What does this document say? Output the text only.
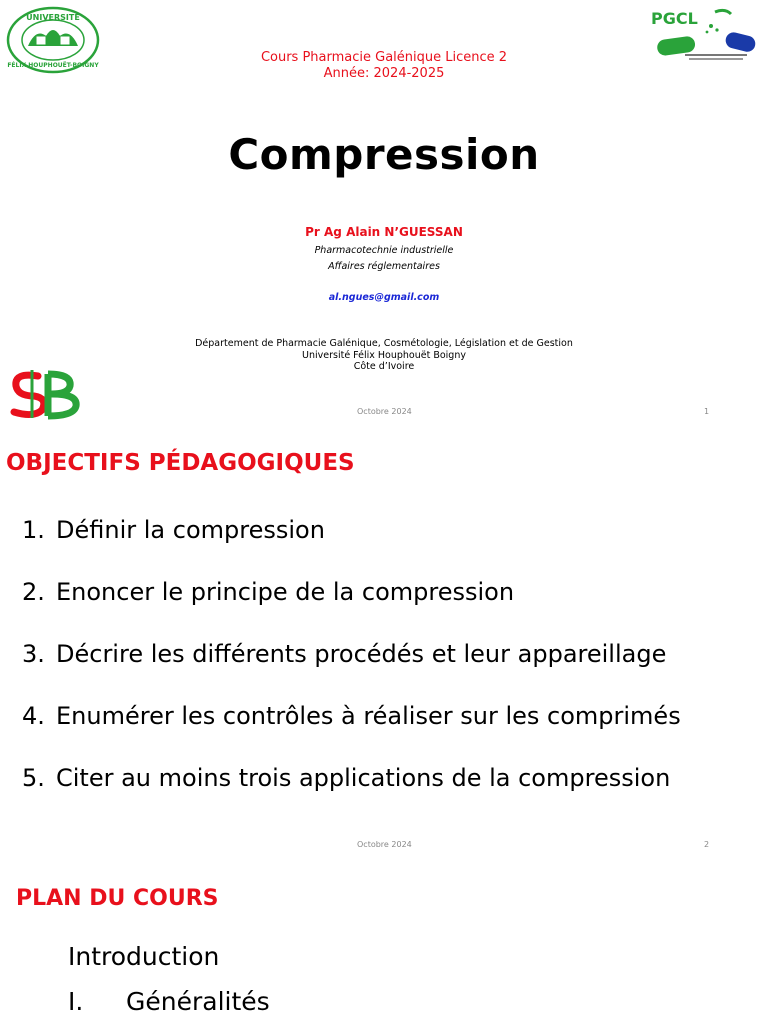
UNIVERSITÉ
FÉLIX HOUPHOUËT-BOIGNY
PGCL
Cours Pharmacie Galénique Licence 2
Année: 2024-2025
Compression
Pr Ag Alain N’GUESSAN
Pharmacotechnie industrielle
Affaires réglementaires
al.ngues@gmail.com
Département de Pharmacie Galénique, Cosmétologie, Législation et de Gestion
Université Félix Houphouët Boigny
Côte d’Ivoire
Octobre 2024	1
OBJECTIFS PÉDAGOGIQUES
1. Définir la compression
2. Enoncer le principe de la compression
3. Décrire les différents procédés et leur appareillage
4. Enumérer les contrôles à réaliser sur les comprimés
5. Citer au moins trois applications de la compression
Octobre 2024	2
PLAN DU COURS
Introduction
I. Généralités
